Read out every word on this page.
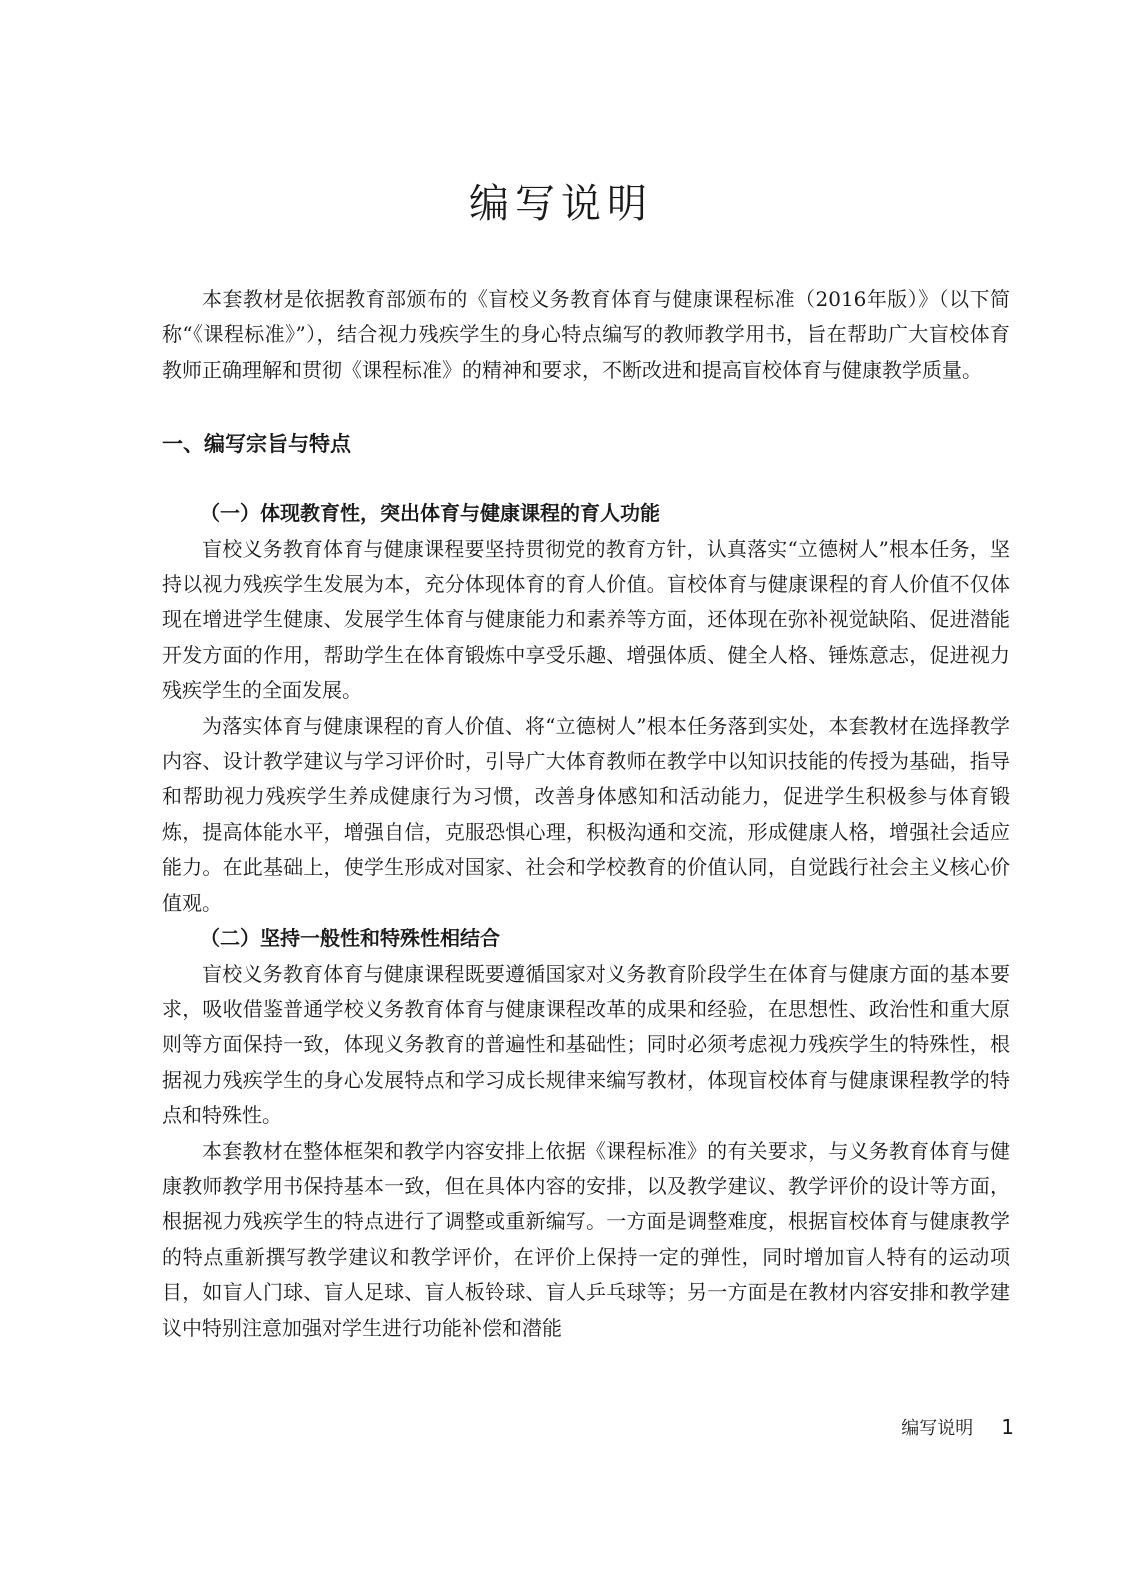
编写说明

本套教材是依据教育部颁布的《盲校义务教育体育与健康课程标准（2016年版）》（以下简称“《课程标准》”），结合视力残疾学生的身心特点编写的教师教学用书，旨在帮助广大盲校体育教师正确理解和贯彻《课程标准》的精神和要求，不断改进和提高盲校体育与健康教学质量。

一、编写宗旨与特点
（一）体现教育性，突出体育与健康课程的育人功能

盲校义务教育体育与健康课程要坚持贯彻党的教育方针，认真落实“立德树人”根本任务，坚持以视力残疾学生发展为本，充分体现体育的育人价值。盲校体育与健康课程的育人价值不仅体现在增进学生健康、发展学生体育与健康能力和素养等方面，还体现在弥补视觉缺陷、促进潜能开发方面的作用，帮助学生在体育锻炼中享受乐趣、增强体质、健全人格、锤炼意志，促进视力残疾学生的全面发展。

为落实体育与健康课程的育人价值、将“立德树人”根本任务落到实处，本套教材在选择教学内容、设计教学建议与学习评价时，引导广大体育教师在教学中以知识技能的传授为基础，指导和帮助视力残疾学生养成健康行为习惯，改善身体感知和活动能力，促进学生积极参与体育锻炼，提高体能水平，增强自信，克服恐惧心理，积极沟通和交流，形成健康人格，增强社会适应能力。在此基础上，使学生形成对国家、社会和学校教育的价值认同，自觉践行社会主义核心价值观。

（二）坚持一般性和特殊性相结合

盲校义务教育体育与健康课程既要遵循国家对义务教育阶段学生在体育与健康方面的基本要求，吸收借鉴普通学校义务教育体育与健康课程改革的成果和经验，在思想性、政治性和重大原则等方面保持一致，体现义务教育的普遍性和基础性；同时必须考虑视力残疾学生的特殊性，根据视力残疾学生的身心发展特点和学习成长规律来编写教材，体现盲校体育与健康课程教学的特点和特殊性。

本套教材在整体框架和教学内容安排上依据《课程标准》的有关要求，与义务教育体育与健康教师教学用书保持基本一致，但在具体内容的安排，以及教学建议、教学评价的设计等方面，根据视力残疾学生的特点进行了调整或重新编写。一方面是调整难度，根据盲校体育与健康教学的特点重新撰写教学建议和教学评价，在评价上保持一定的弹性，同时增加盲人特有的运动项目，如盲人门球、盲人足球、盲人板铃球、盲人乒乓球等；另一方面是在教材内容安排和教学建议中特别注意加强对学生进行功能补偿和潜能

编写说明 1
